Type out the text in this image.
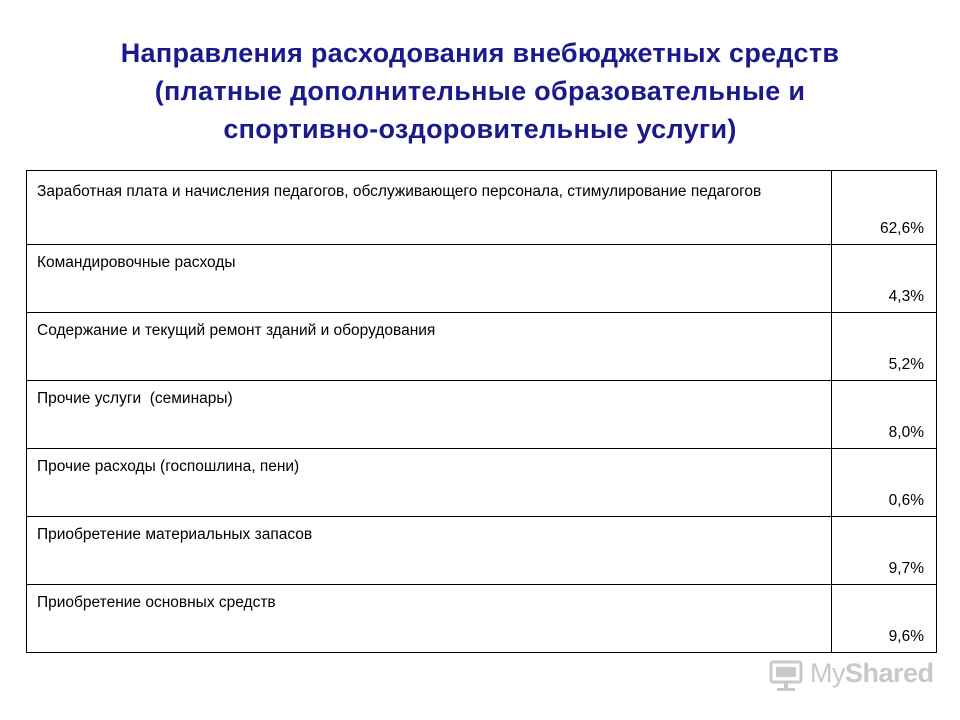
Направления расходования внебюджетных средств
(платные дополнительные образовательные и
спортивно-оздоровительные услуги)
Заработная плата и начисления педагогов, обслуживающего персонала, стимулирование педагогов	62,6%
Командировочные расходы	4,3%
Содержание и текущий ремонт зданий и оборудования	5,2%
Прочие услуги  (семинары)	8,0%
Прочие расходы (госпошлина, пени)	0,6%
Приобретение материальных запасов	9,7%
Приобретение основных средств	9,6%
MyShared
